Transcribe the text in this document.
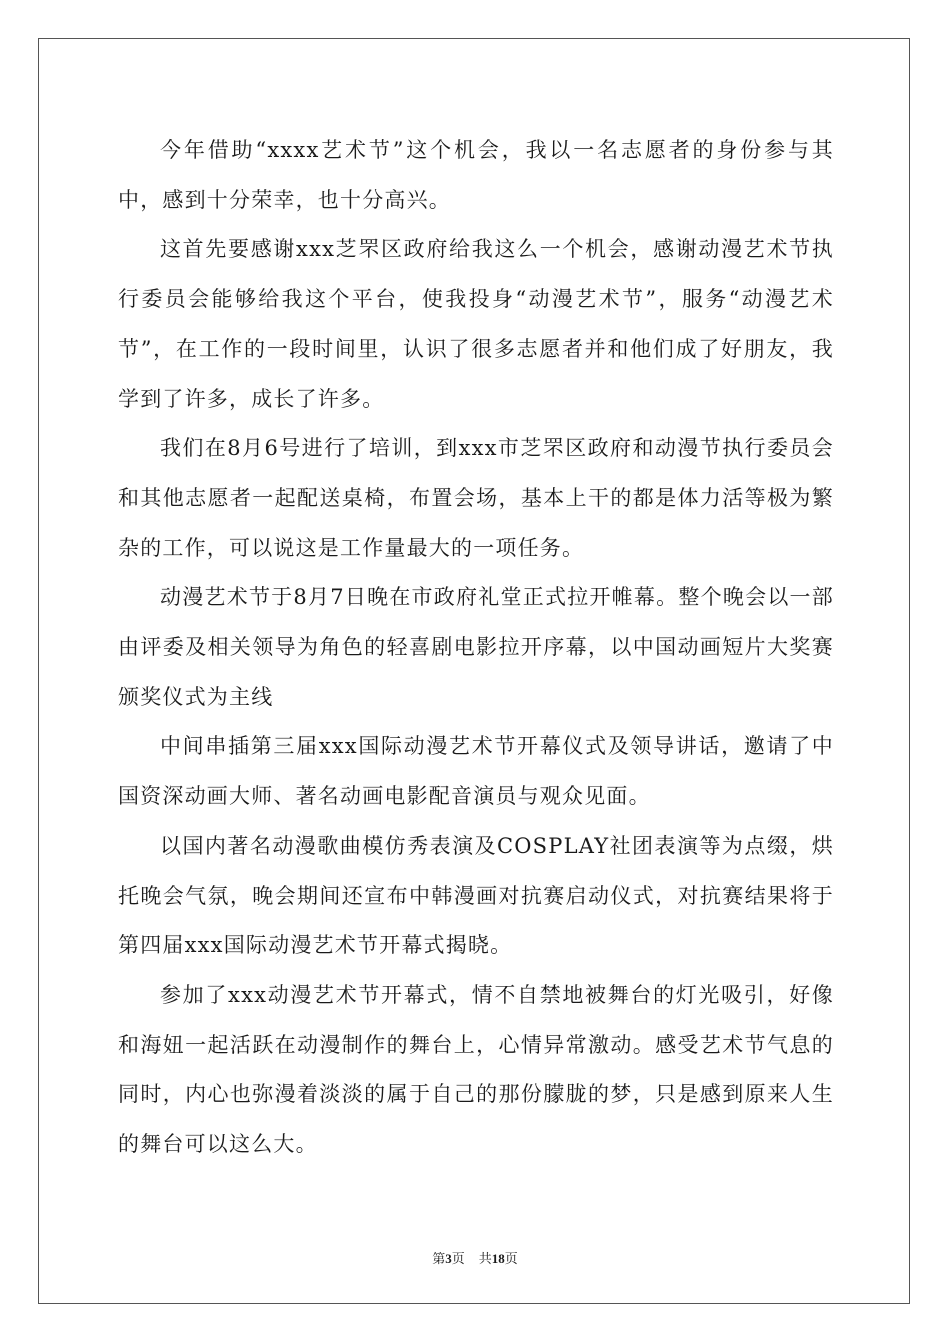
今年借助“xxxx艺术节”这个机会，我以一名志愿者的身份参与其中，感到十分荣幸，也十分高兴。

这首先要感谢xxx芝罘区政府给我这么一个机会，感谢动漫艺术节执行委员会能够给我这个平台，使我投身“动漫艺术节”，服务“动漫艺术节”，在工作的一段时间里，认识了很多志愿者并和他们成了好朋友，我学到了许多，成长了许多。

我们在8月6号进行了培训，到xxx市芝罘区政府和动漫节执行委员会和其他志愿者一起配送桌椅，布置会场，基本上干的都是体力活等极为繁杂的工作，可以说这是工作量最大的一项任务。

动漫艺术节于8月7日晚在市政府礼堂正式拉开帷幕。整个晚会以一部由评委及相关领导为角色的轻喜剧电影拉开序幕，以中国动画短片大奖赛颁奖仪式为主线

中间串插第三届xxx国际动漫艺术节开幕仪式及领导讲话，邀请了中国资深动画大师、著名动画电影配音演员与观众见面。

以国内著名动漫歌曲模仿秀表演及COSPLAY社团表演等为点缀，烘托晚会气氛，晚会期间还宣布中韩漫画对抗赛启动仪式，对抗赛结果将于第四届xxx国际动漫艺术节开幕式揭晓。

参加了xxx动漫艺术节开幕式，情不自禁地被舞台的灯光吸引，好像和海妞一起活跃在动漫制作的舞台上，心情异常激动。感受艺术节气息的同时，内心也弥漫着淡淡的属于自己的那份朦胧的梦，只是感到原来人生的舞台可以这么大。

第3页 共18页
